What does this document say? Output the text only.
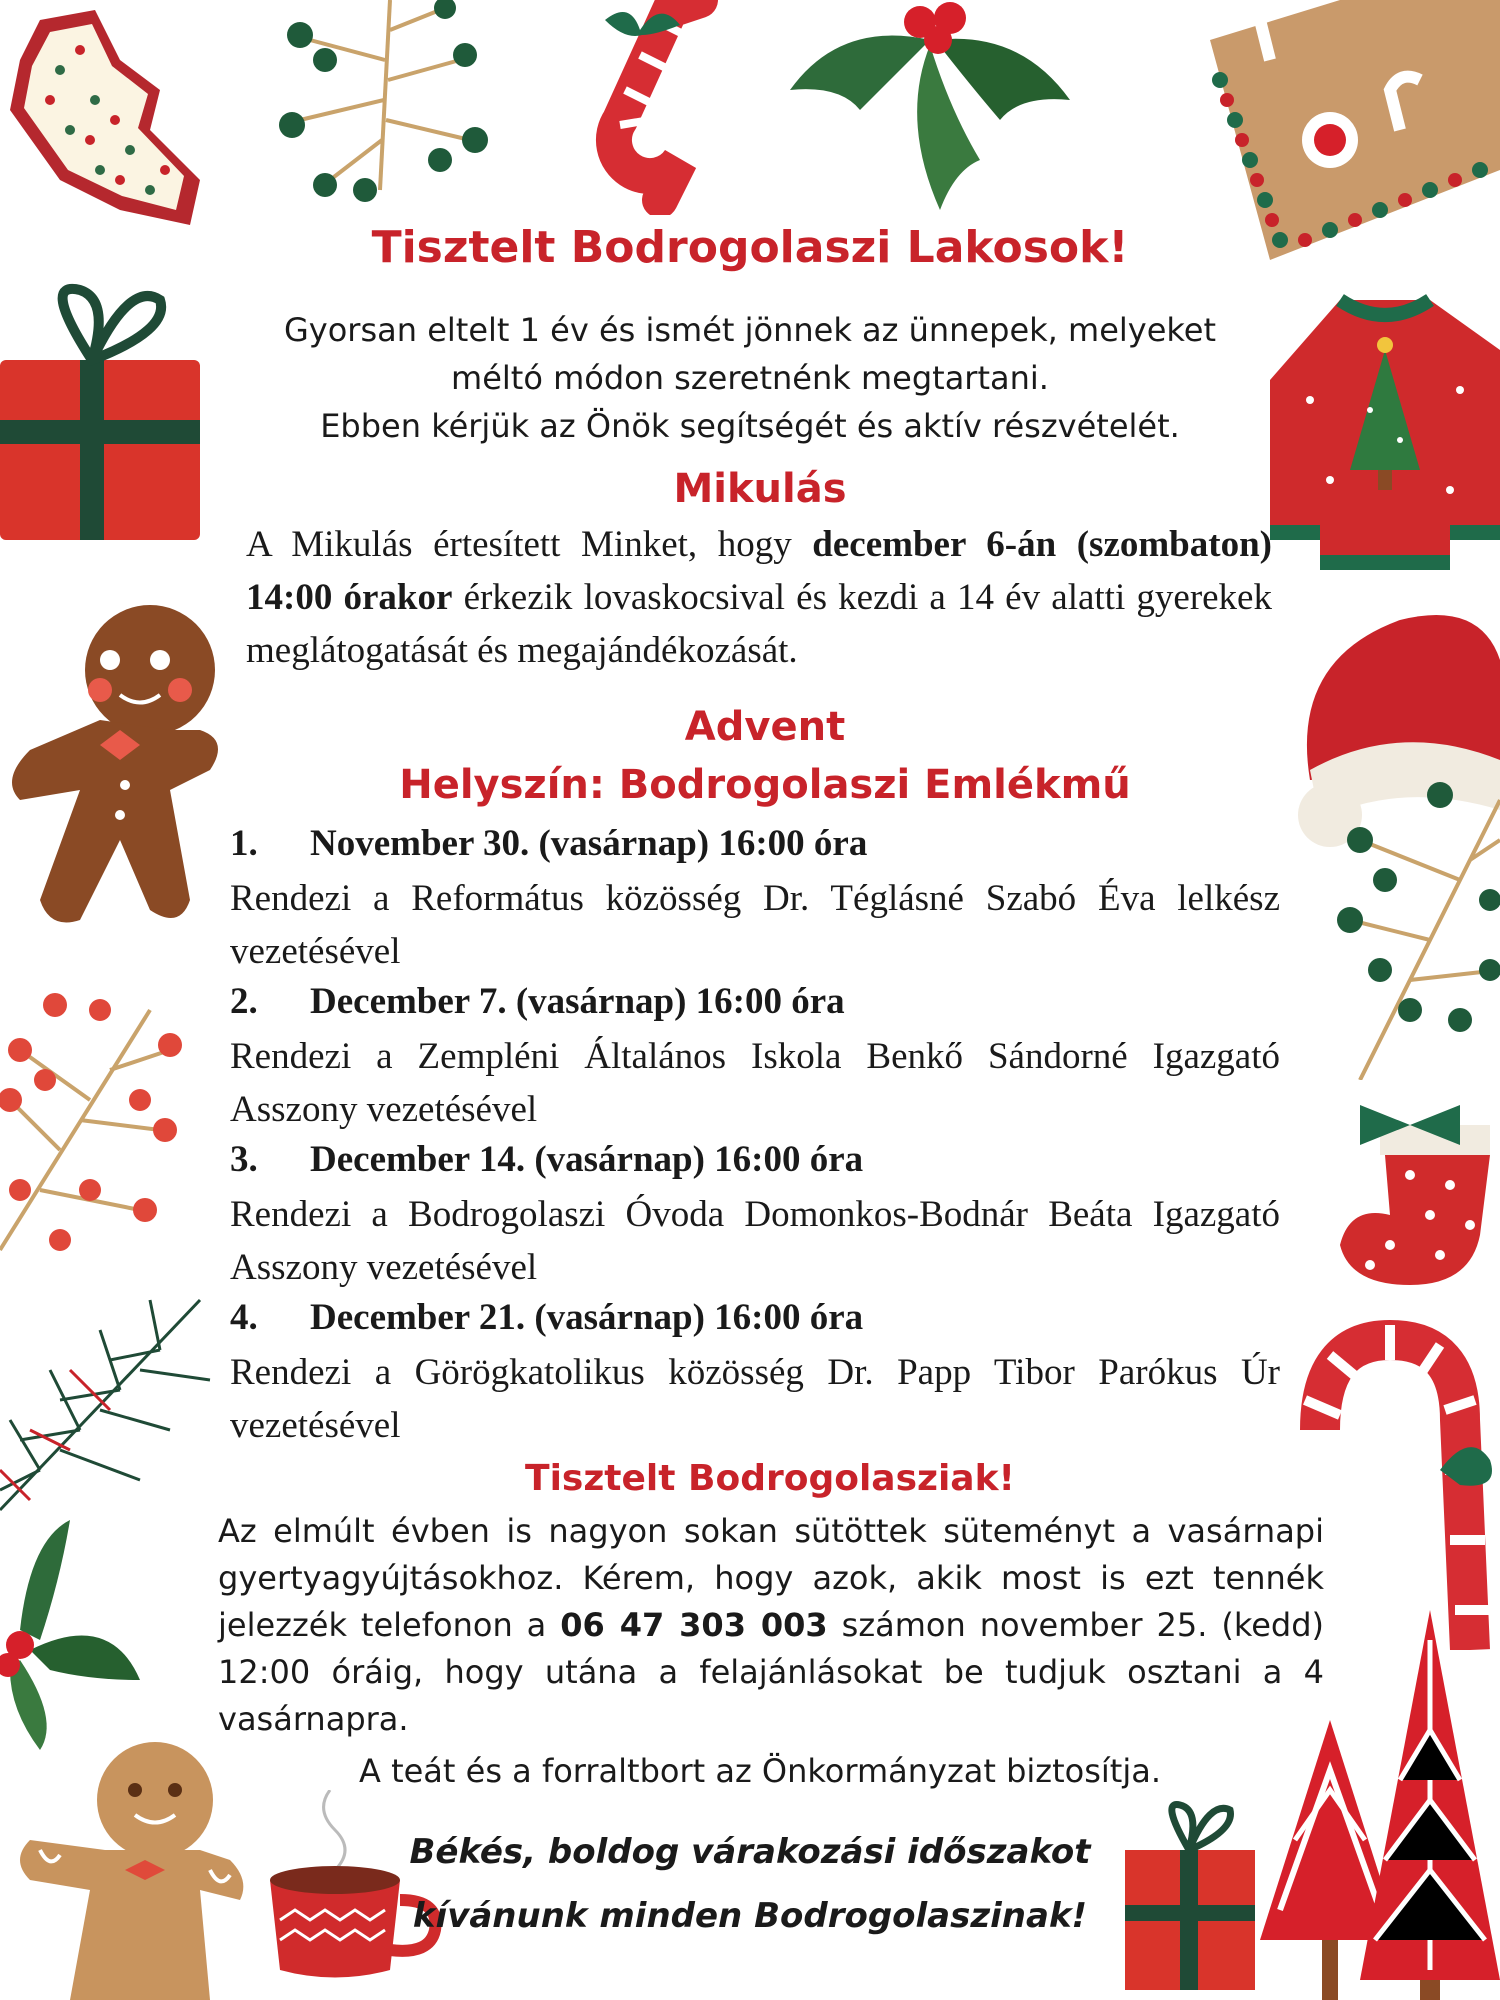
Tisztelt Bodrogolaszi Lakosok!
Gyorsan eltelt 1 év és ismét jönnek az ünnepek, melyeket
méltó módon szeretnénk megtartani.
Ebben kérjük az Önök segítségét és aktív részvételét.
Mikulás
A Mikulás értesített Minket, hogy december 6-án (szombaton) 14:00 órakor érkezik lovaskocsival és kezdi a 14 év alatti gyerekek meglátogatását és megajándékozását.
Advent
Helyszín: Bodrogolaszi Emlékmű
1. November 30. (vasárnap) 16:00 óra
Rendezi a Református közösség Dr. Téglásné Szabó Éva lelkész vezetésével
2. December 7. (vasárnap) 16:00 óra
Rendezi a Zempléni Általános Iskola Benkő Sándorné Igazgató Asszony vezetésével
3. December 14. (vasárnap) 16:00 óra
Rendezi a Bodrogolaszi Óvoda Domonkos-Bodnár Beáta Igazgató Asszony vezetésével
4. December 21. (vasárnap) 16:00 óra
Rendezi a Görögkatolikus közösség Dr. Papp Tibor Parókus Úr vezetésével
Tisztelt Bodrogolasziak!
Az elmúlt évben is nagyon sokan sütöttek süteményt a vasárnapi gyertyagyújtásokhoz. Kérem, hogy azok, akik most is ezt tennék jelezzék telefonon a 06 47 303 003 számon november 25. (kedd) 12:00 óráig, hogy utána a felajánlásokat be tudjuk osztani a 4 vasárnapra.
A teát és a forraltbort az Önkormányzat biztosítja.
Békés, boldog várakozási időszakot
kívánunk minden Bodrogolaszinak!
